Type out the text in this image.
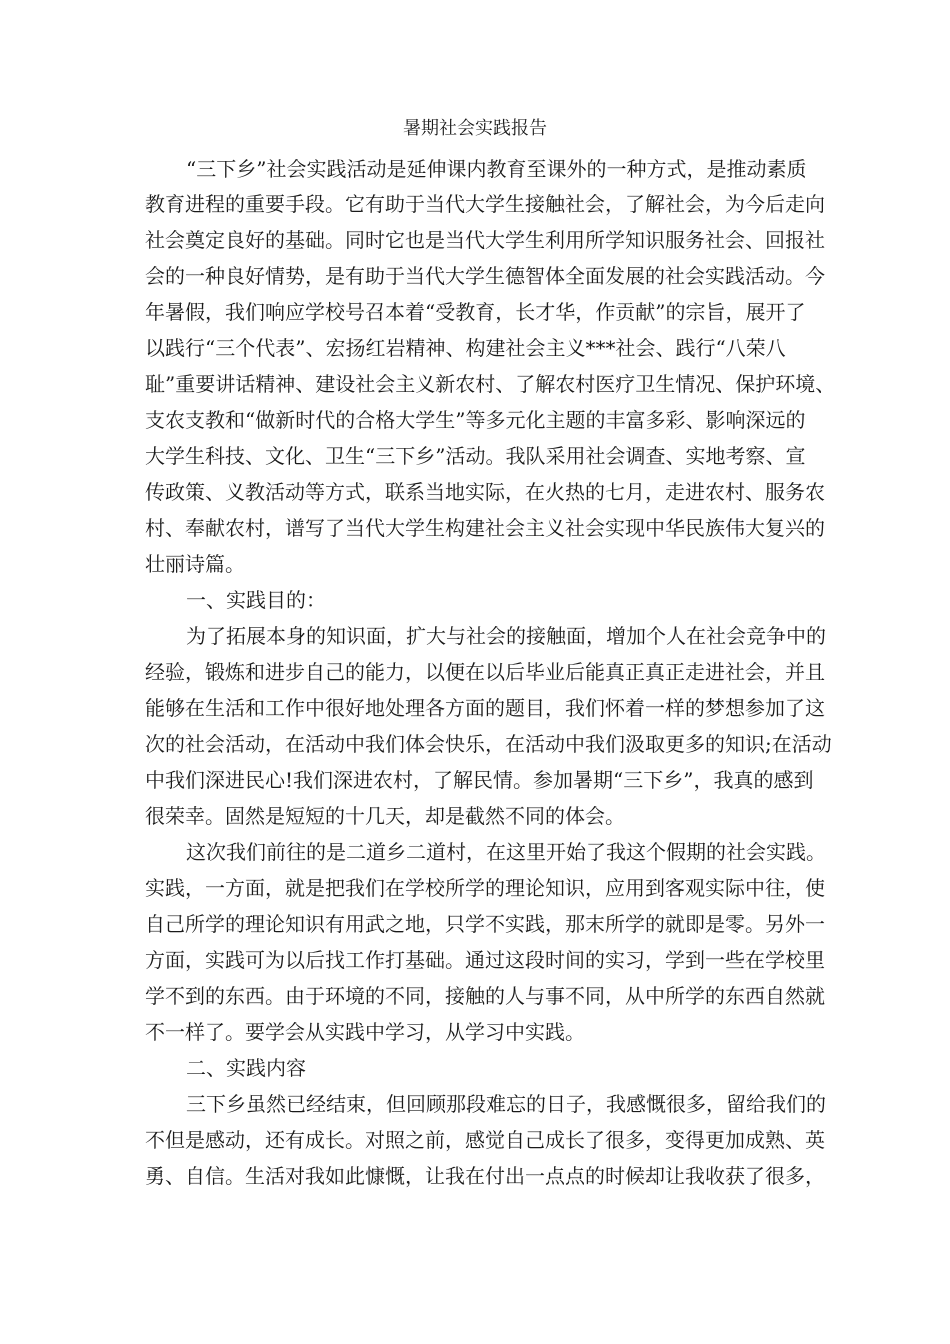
暑期社会实践报告
“三下乡”社会实践活动是延伸课内教育至课外的一种方式，是推动素质
教育进程的重要手段。它有助于当代大学生接触社会，了解社会，为今后走向
社会奠定良好的基础。同时它也是当代大学生利用所学知识服务社会、回报社
会的一种良好情势，是有助于当代大学生德智体全面发展的社会实践活动。今
年暑假，我们响应学校号召本着“受教育，长才华，作贡献”的宗旨，展开了
以践行“三个代表”、宏扬红岩精神、构建社会主义***社会、践行“八荣八
耻”重要讲话精神、建设社会主义新农村、了解农村医疗卫生情况、保护环境、
支农支教和“做新时代的合格大学生”等多元化主题的丰富多彩、影响深远的
大学生科技、文化、卫生“三下乡”活动。我队采用社会调查、实地考察、宣
传政策、义教活动等方式，联系当地实际，在火热的七月，走进农村、服务农
村、奉献农村，谱写了当代大学生构建社会主义社会实现中华民族伟大复兴的
壮丽诗篇。
一、实践目的：
为了拓展本身的知识面，扩大与社会的接触面，增加个人在社会竞争中的
经验，锻炼和进步自己的能力，以便在以后毕业后能真正真正走进社会，并且
能够在生活和工作中很好地处理各方面的题目，我们怀着一样的梦想参加了这
次的社会活动，在活动中我们体会快乐，在活动中我们汲取更多的知识;在活动
中我们深进民心!我们深进农村，了解民情。参加暑期“三下乡”，我真的感到
很荣幸。固然是短短的十几天，却是截然不同的体会。
这次我们前往的是二道乡二道村，在这里开始了我这个假期的社会实践。
实践，一方面，就是把我们在学校所学的理论知识，应用到客观实际中往，使
自己所学的理论知识有用武之地，只学不实践，那末所学的就即是零。另外一
方面，实践可为以后找工作打基础。通过这段时间的实习，学到一些在学校里
学不到的东西。由于环境的不同，接触的人与事不同，从中所学的东西自然就
不一样了。要学会从实践中学习，从学习中实践。
二、实践内容
三下乡虽然已经结束，但回顾那段难忘的日子，我感慨很多，留给我们的
不但是感动，还有成长。对照之前，感觉自己成长了很多，变得更加成熟、英
勇、自信。生活对我如此慷慨，让我在付出一点点的时候却让我收获了很多，
